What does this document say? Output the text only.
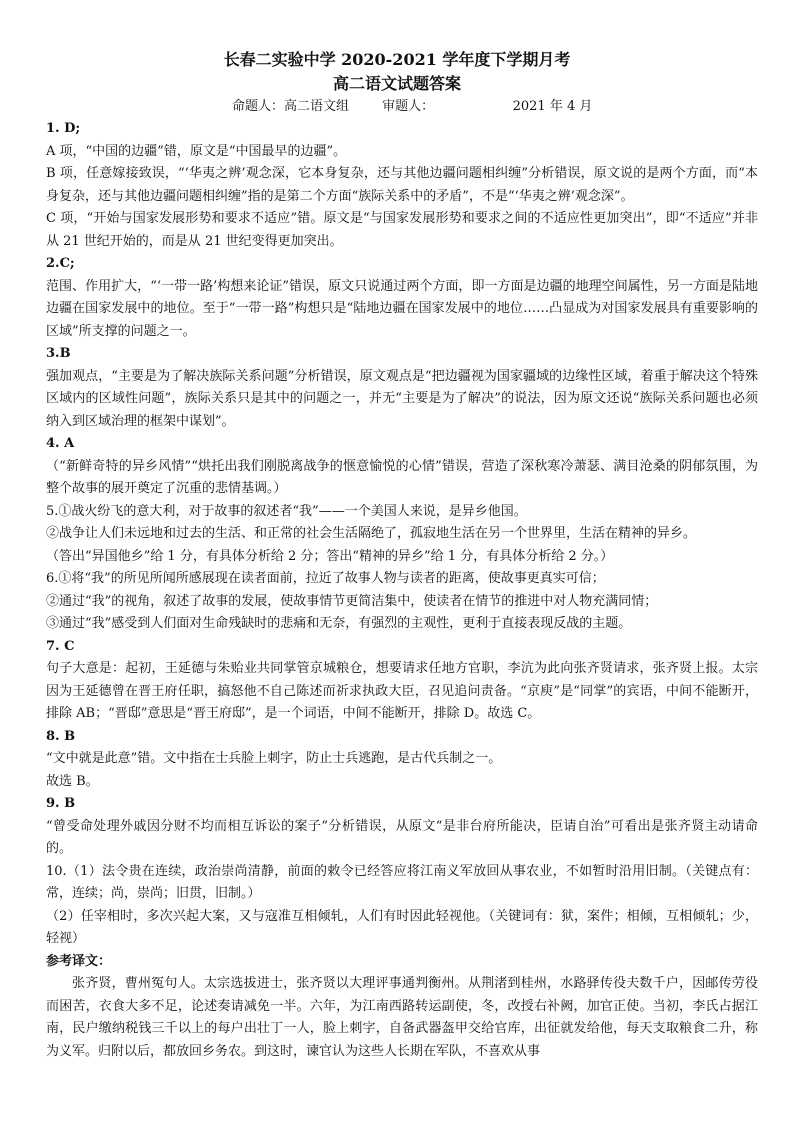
长春二实验中学 2020-2021 学年度下学期月考
高二语文试题答案
命题人：高二语文组	审题人：	2021 年 4 月

1. D;

A 项，“中国的边疆”错，原文是“中国最早的边疆”。

B 项，任意嫁接致误，“‘华夷之辨’观念深，它本身复杂，还与其他边疆问题相纠缠”分析错误，原文说的是两个方面，而“本身复杂，还与其他边疆问题相纠缠”指的是第二个方面“族际关系中的矛盾”，不是“‘华夷之辨’观念深”。

C 项，“开始与国家发展形势和要求不适应”错。原文是“与国家发展形势和要求之间的不适应性更加突出”，即“不适应”并非从 21 世纪开始的，而是从 21 世纪变得更加突出。

2.C;

范围、作用扩大，“‘一带一路’构想来论证”错误，原文只说通过两个方面，即一方面是边疆的地理空间属性，另一方面是陆地边疆在国家发展中的地位。至于“一带一路”构想只是“陆地边疆在国家发展中的地位……凸显成为对国家发展具有重要影响的区域”所支撑的问题之一。

3.B

强加观点，“主要是为了解决族际关系问题”分析错误，原文观点是“把边疆视为国家疆域的边缘性区域，着重于解决这个特殊区域内的区域性问题”，族际关系只是其中的问题之一，并无“主要是为了解决”的说法，因为原文还说“族际关系问题也必须纳入到区域治理的框架中谋划”。

4. A

（“新鲜奇特的异乡风情”“烘托出我们刚脱离战争的惬意愉悦的心情”错误，营造了深秋寒冷萧瑟、满目沧桑的阴郁氛围，为整个故事的展开奠定了沉重的悲情基调。）

5.①战火纷飞的意大利，对于故事的叙述者“我”——一个美国人来说，是异乡他国。

②战争让人们未远地和过去的生活、和正常的社会生活隔绝了，孤寂地生活在另一个世界里，生活在精神的异乡。

（答出“异国他乡”给 1 分，有具体分析给 2 分；答出“精神的异乡”给 1 分，有具体分析给 2 分。）

6.①将“我”的所见所闻所感展现在读者面前，拉近了故事人物与读者的距离，使故事更真实可信；

②通过“我”的视角，叙述了故事的发展，使故事情节更简洁集中，使读者在情节的推进中对人物充满同情；

③通过“我”感受到人们面对生命残缺时的悲痛和无奈，有强烈的主观性，更利于直接表现反战的主题。

7. C

句子大意是：起初，王延德与朱贻业共同掌管京城粮仓，想要请求任地方官职，李沆为此向张齐贤请求，张齐贤上报。太宗因为王延德曾在晋王府任职，搞怒他不自己陈述而祈求执政大臣，召见追问责备。“京庾”是“同掌”的宾语，中间不能断开，排除 AB；“晋邸”意思是“晋王府邸”，是一个词语，中间不能断开，排除 D。故选 C。

8. B

“文中就是此意”错。文中指在士兵脸上刺字，防止士兵逃跑，是古代兵制之一。

故选 B。

9. B

“曾受命处理外戚因分财不均而相互诉讼的案子”分析错误，从原文“是非台府所能决，臣请自治”可看出是张齐贤主动请命的。

10.（1）法令贵在连续，政治崇尚清静，前面的敕令已经答应将江南义军放回从事农业，不如暂时沿用旧制。（关键点有：常，连续；尚，崇尚；旧贯，旧制。）

（2）任宰相时，多次兴起大案，又与寇准互相倾轧，人们有时因此轻视他。（关键词有：狱，案件；相倾，互相倾轧；少，轻视）

参考译文：

张齐贤，曹州冤句人。太宗选拔进士，张齐贤以大理评事通判衡州。从荆渚到桂州，水路驿传役夫数千户，因邮传劳役而困苦，衣食大多不足，论述奏请减免一半。六年，为江南西路转运副使，冬，改授右补阙，加官正使。当初，李氏占据江南，民户缴纳税钱三千以上的每户出壮丁一人，脸上刺字，自备武器盔甲交给官库，出征就发给他，每天支取粮食二升，称为义军。归附以后，都放回乡务农。到这时，谏官认为这些人长期在军队，不喜欢从事
